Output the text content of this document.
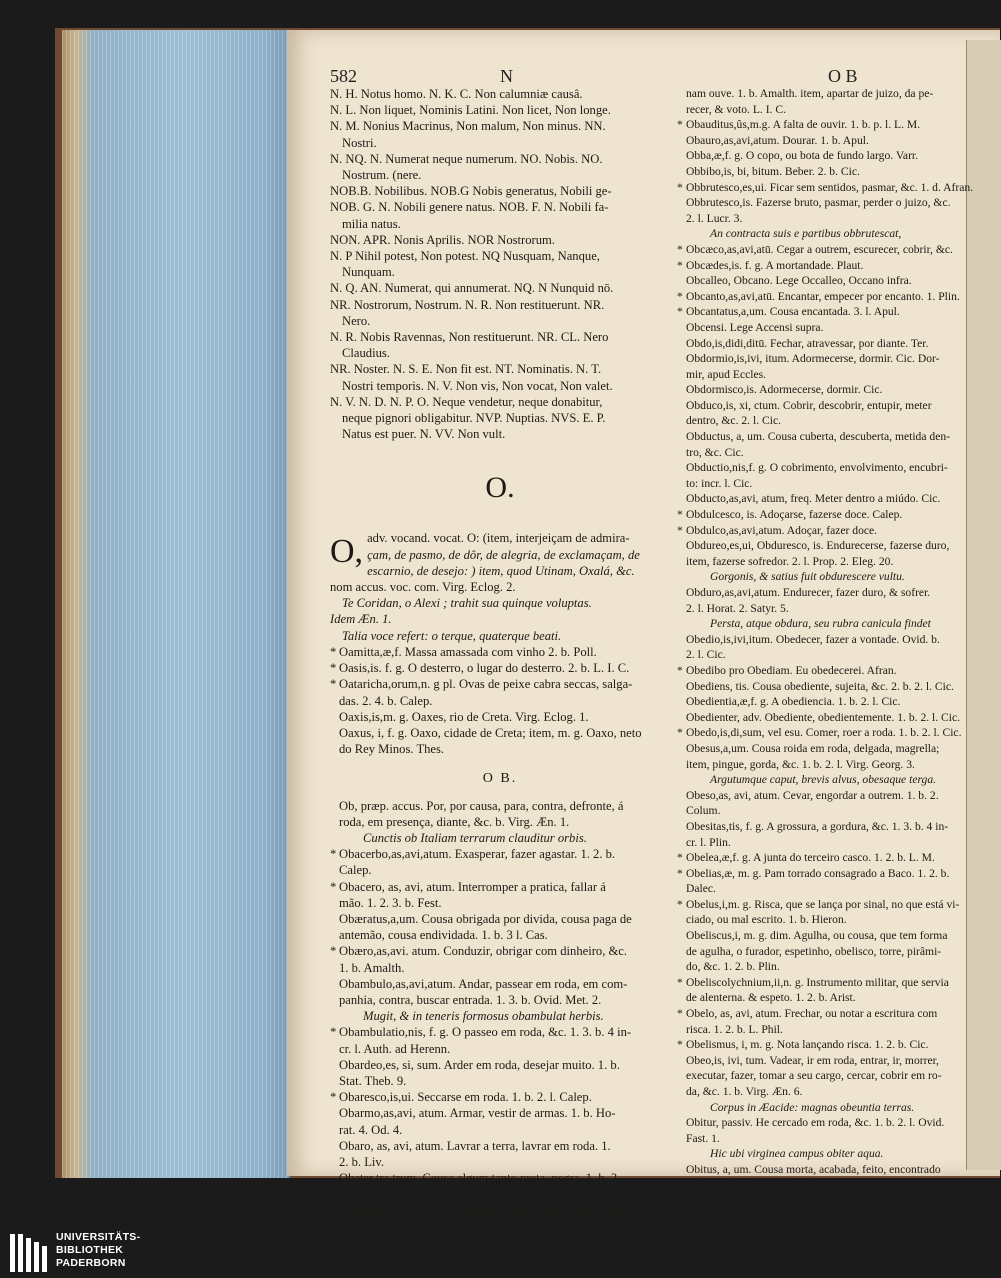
582	N	O B
N. H. Notus homo. N. K. C. Non calumniæ causâ.
N. L. Non liquet, Nominis Latini. Non licet, Non longe.
N. M. Nonius Macrinus, Non malum, Non minus. NN.
Nostri.
N. NQ. N. Numerat neque numerum. NO. Nobis. NO.
Nostrum. (nere.
NOB.B. Nobilibus. NOB.G Nobis generatus, Nobili ge-
NOB. G. N. Nobili genere natus. NOB. F. N. Nobili fa-
milia natus.
NON. APR. Nonis Aprilis. NOR Nostrorum.
N. P Nihil potest, Non potest. NQ Nusquam, Nanque,
Nunquam.
N. Q. AN. Numerat, qui annumerat. NQ. N Nunquid nō.
NR. Nostrorum, Nostrum. N. R. Non restituerunt. NR.
Nero.
N. R. Nobis Ravennas, Non restituerunt. NR. CL. Nero
Claudius.
NR. Noster. N. S. E. Non fit est. NT. Nominatis. N. T.
Nostri temporis. N. V. Non vis, Non vocat, Non valet.
N. V. N. D. N. P. O. Neque vendetur, neque donabitur,
neque pignori obligabitur. NVP. Nuptias. NVS. E. P.
Natus est puer. N. VV. Non vult.
O.
O, adv. vocand. vocat. O: (item, interjeiçam de admira-
çam, de pasmo, de dôr, de alegria, de exclamaçam, de
escarnio, de desejo: ) item, quod Utinam, Oxalá, &c.
nom accus. voc. com. Virg. Eclog. 2.
Te Coridan, o Alexi ; trahit sua quinque voluptas.
Idem Æn. 1.
Talia voce refert: o terque, quaterque beati.
* Oamitta,æ,f. Massa amassada com vinho 2. b. Poll.
* Oasis,is. f. g. O desterro, o lugar do desterro. 2. b. L. I. C.
* Oatarichа,orum,n. g pl. Ovas de peixe cabra seccas, salga-
das. 2. 4. b. Calep.
Oaxis,is,m. g. Oaxes, rio de Creta. Virg. Eclog. 1.
Oaxus, i, f. g. Oaxo, cidade de Creta; item, m. g. Oaxo, neto
do Rey Minos. Thes.
O B.
Ob, præp. accus. Por, por causa, para, contra, defronte, á
roda, em presença, diante, &c. b. Virg. Æn. 1.
Cunctis ob Italiam terrarum clauditur orbis.
* Obacerbo,as,avi,atum. Exasperar, fazer agastar. 1. 2. b.
Calep.
* Obacero, as, avi, atum. Interromper a pratica, fallar á
mão. 1. 2. 3. b. Fest.
Obæratus,a,um. Cousa obrigada por divida, cousa paga de
antemão, cousa endividada. 1. b. 3 l. Cas.
* Obæro,as,avi. atum. Conduzir, obrigar com dinheiro, &c.
1. b. Amalth.
Obambulo,as,avi,atum. Andar, passear em roda, em com-
panhia, contra, buscar entrada. 1. 3. b. Ovid. Met. 2.
Mugit, & in teneris formosus obambulat herbis.
* Obambulatio,nis, f. g. O passeo em roda, &c. 1. 3. b. 4 in-
cr. l. Auth. ad Herenn.
Obardeo,es, si, sum. Arder em roda, desejar muito. 1. b.
Stat. Theb. 9.
* Obaresco,is,ui. Seccarse em roda. 1. b. 2. l. Calep.
Obarmo,as,avi, atum. Armar, vestir de armas. 1. b. Ho-
rat. 4. Od. 4.
Obaro, as, avi, atum. Lavrar a terra, lavrar em roda. 1.
2. b. Liv.
Obater,tra,trum. Cousa algum tanto preta, negra. 1. b. 2.
l. Plin.
* Obaudio,is, ivi, itum. Obedecer, Nestor; item, fingir que
nam ouve. 1. b. Amalth. item, apartar de juizo, da pe-
recer, & voto. L. I. C.
* Obauditus,ûs,m.g. A falta de ouvir. 1. b. p. l. L. M.
Obauro,as,avi,atum. Dourar. 1. b. Apul.
Obba,æ,f. g. O copo, ou bota de fundo largo. Varr.
Obbibo,is, bi, bitum. Beber. 2. b. Cic.
* Obbrutesco,es,ui. Ficar sem sentidos, pasmar, &c. 1. d. Afran.
Obbrutesco,is. Fazerse bruto, pasmar, perder o juizo, &c.
2. l. Lucr. 3.
An contracta suis e partibus obbrutescat,
* Obcæco,as,avi,atū. Cegar a outrem, escurecer, cobrir, &c.
* Obcædes,is. f. g. A mortandade. Plaut.
Obcalleo, Obcano. Lege Occalleo, Occano infra.
* Obcanto,as,avi,atū. Encantar, empecer por encanto. 1. Plin.
* Obcantatus,a,um. Cousa encantada. 3. l. Apul.
Obcensi. Lege Accensi supra.
Obdo,is,didi,ditū. Fechar, atravessar, por diante. Ter.
Obdormio,is,ivi, itum. Adormecerse, dormir. Cic. Dor-
mir, apud Eccles.
Obdormisco,is. Adormecerse, dormir. Cic.
Obduco,is, xi, ctum. Cobrir, descobrir, entupir, meter
dentro, &c. 2. l. Cic.
Obductus, a, um. Cousa cuberta, descuberta, metida den-
tro, &c. Cic.
Obductio,nis,f. g. O cobrimento, envolvimento, encubri-
to: incr. l. Cic.
Obducto,as,avi, atum, freq. Meter dentro a miúdo. Cic.
* Obdulcesco, is. Adoçarse, fazerse doce. Calep.
* Obdulco,as,avi,atum. Adoçar, fazer doce.
Obdureo,es,ui, Obduresco, is. Endurecerse, fazerse duro,
item, fazerse sofredor. 2. l. Prop. 2. Eleg. 20.
Gorgonis, & satius fuit obdurescere vultu.
Obduro,as,avi,atum. Endurecer, fazer duro, & sofrer.
2. l. Horat. 2. Satyr. 5.
Persta, atque obdura, seu rubra canicula findet
Obedio,is,ivi,itum. Obedecer, fazer a vontade. Ovid. b.
2. l. Cic.
* Obedibo pro Obediam. Eu obedecerei. Afran.
Obediens, tis. Cousa obediente, sujeita, &c. 2. b. 2. l. Cic.
Obedientia,æ,f. g. A obediencia. 1. b. 2. l. Cic.
Obedienter, adv. Obediente, obedientemente. 1. b. 2. l. Cic.
* Obedo,is,di,sum, vel esu. Comer, roer a roda. 1. b. 2. l. Cic.
Obesus,a,um. Cousa roida em roda, delgada, magrella;
item, pingue, gorda, &c. 1. b. 2. l. Virg. Georg. 3.
Argutumque caput, brevis alvus, obesaque terga.
Obeso,as, avi, atum. Cevar, engordar a outrem. 1. b. 2.
Colum.
Obesitas,tis, f. g. A grossura, a gordura, &c. 1. 3. b. 4 in-
cr. l. Plin.
* Obelea,æ,f. g. A junta do terceiro casco. 1. 2. b. L. M.
* Obelias,æ, m. g. Pam torrado consagrado a Baco. 1. 2. b.
Dalec.
* Obelus,i,m. g. Risca, que se lança por sinal, no que está vi-
ciado, ou mal escrito. 1. b. Hieron.
Obeliscus,i, m. g. dim. Agulha, ou cousa, que tem forma
de agulha, o furador, espetinho, obelisco, torre, pirâmi-
do, &c. 1. 2. b. Plin.
* Obeliscolychnium,ii,n. g. Instrumento militar, que servia
de alenterna. & espeto. 1. 2. b. Arist.
* Obelo, as, avi, atum. Frechar, ou notar a escritura com
risca. 1. 2. b. L. Phil.
* Obelismus, i, m. g. Nota lançando risca. 1. 2. b. Cic.
Obeo,is, ivi, tum. Vadear, ir em roda, entrar, ir, morrer,
executar, fazer, tomar a seu cargo, cercar, cobrir em ro-
da, &c. 1. b. Virg. Æn. 6.
Corpus in Æacide: magnas obeuntia terras.
Obitur, passiv. He cercado em roda, &c. 1. b. 2. l. Ovid.
Fast. 1.
Hic ubi virginea campus obiter aqua.
Obitus, a, um. Cousa morta, acabada, feito, encontrado
&c. 1. 2. b. Ovid. apud Thes.
Mors
UNIVERSITÄTS-
BIBLIOTHEK
PADERBORN
